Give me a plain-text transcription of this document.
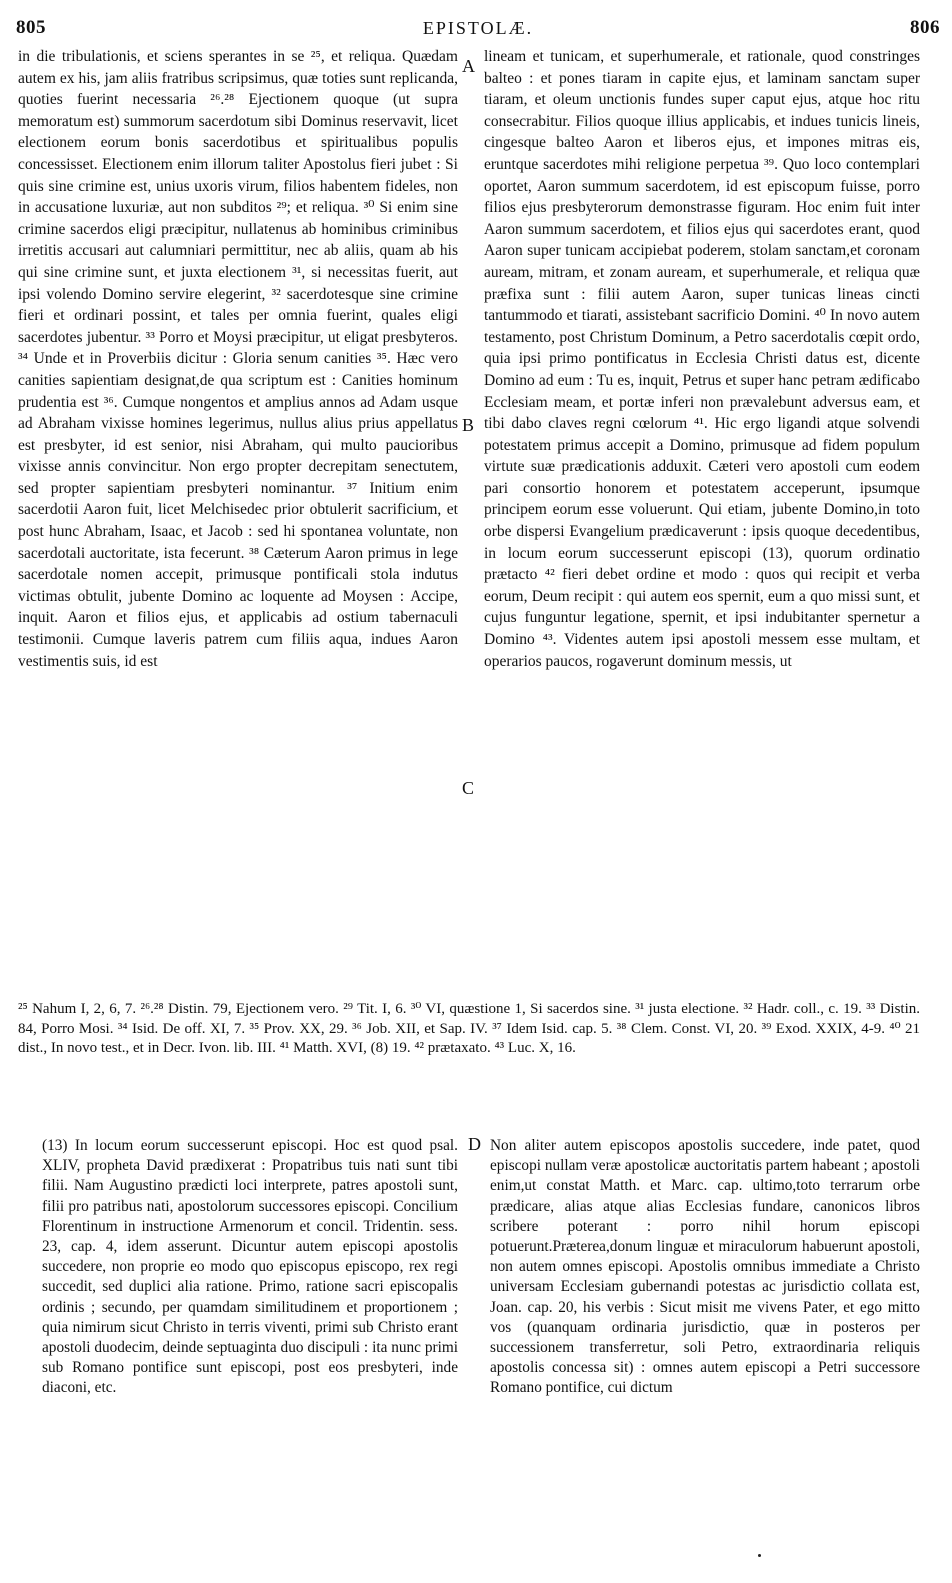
805	EPISTOLÆ.	806

in die tribulationis, et sciens sperantes in se ²⁵, et reliqua. Quædam autem ex his, jam aliis fratribus scripsimus, quæ toties sunt replicanda, quoties fuerint necessaria ²⁶.²⁸ Ejectionem quoque (ut supra memoratum est) summorum sacerdotum sibi Dominus reservavit, licet electionem eorum bonis sacerdotibus et spiritualibus populis concessisset. Electionem enim illorum taliter Apostolus fieri jubet : Si quis sine crimine est, unius uxoris virum, filios habentem fideles, non in accusatione luxuriæ, aut non subditos ²⁹; et reliqua. ³⁰ Si enim sine crimine sacerdos eligi præcipitur, nullatenus ab hominibus criminibus irretitis accusari aut calumniari permittitur, nec ab aliis, quam ab his qui sine crimine sunt, et juxta electionem ³¹, si necessitas fuerit, aut ipsi volendo Domino servire elegerint, ³² sacerdotesque sine crimine fieri et ordinari possint, et tales per omnia fuerint, quales eligi sacerdotes jubentur. ³³ Porro et Moysi præcipitur, ut eligat presbyteros. ³⁴ Unde et in Proverbiis dicitur : Gloria senum canities ³⁵. Hæc vero canities sapientiam designat,de qua scriptum est : Canities hominum prudentia est ³⁶. Cumque nongentos et amplius annos ad Adam usque ad Abraham vixisse homines legerimus, nullus alius prius appellatus est presbyter, id est senior, nisi Abraham, qui multo paucioribus vixisse annis convincitur. Non ergo propter decrepitam senectutem, sed propter sapientiam presbyteri nominantur. ³⁷ Initium enim sacerdotii Aaron fuit, licet Melchisedec prior obtulerit sacrificium, et post hunc Abraham, Isaac, et Jacob : sed hi spontanea voluntate, non sacerdotali auctoritate, ista fecerunt. ³⁸ Cæterum Aaron primus in lege sacerdotale nomen accepit, primusque pontificali stola indutus victimas obtulit, jubente Domino ac loquente ad Moysen : Accipe, inquit. Aaron et filios ejus, et applicabis ad ostium tabernaculi testimonii. Cumque laveris patrem cum filiis aqua, indues Aaron vestimentis suis, id est

A
B
C

lineam et tunicam, et superhumerale, et rationale, quod constringes balteo : et pones tiaram in capite ejus, et laminam sanctam super tiaram, et oleum unctionis fundes super caput ejus, atque hoc ritu consecrabitur. Filios quoque illius applicabis, et indues tunicis lineis, cingesque balteo Aaron et liberos ejus, et impones mitras eis, eruntque sacerdotes mihi religione perpetua ³⁹. Quo loco contemplari oportet, Aaron summum sacerdotem, id est episcopum fuisse, porro filios ejus presbyterorum demonstrasse figuram. Hoc enim fuit inter Aaron summum sacerdotem, et filios ejus qui sacerdotes erant, quod Aaron super tunicam accipiebat poderem, stolam sanctam,et coronam auream, mitram, et zonam auream, et superhumerale, et reliqua quæ præfixa sunt : filii autem Aaron, super tunicas lineas cincti tantummodo et tiarati, assistebant sacrificio Domini. ⁴⁰ In novo autem testamento, post Christum Dominum, a Petro sacerdotalis cœpit ordo, quia ipsi primo pontificatus in Ecclesia Christi datus est, dicente Domino ad eum : Tu es, inquit, Petrus et super hanc petram ædificabo Ecclesiam meam, et portæ inferi non prævalebunt adversus eam, et tibi dabo claves regni cœlorum ⁴¹. Hic ergo ligandi atque solvendi potestatem primus accepit a Domino, primusque ad fidem populum virtute suæ prædicationis adduxit. Cæteri vero apostoli cum eodem pari consortio honorem et potestatem acceperunt, ipsumque principem eorum esse voluerunt. Qui etiam, jubente Domino,in toto orbe dispersi Evangelium prædicaverunt : ipsis quoque decedentibus, in locum eorum successerunt episcopi (13), quorum ordinatio prætacto ⁴² fieri debet ordine et modo : quos qui recipit et verba eorum, Deum recipit : qui autem eos spernit, eum a quo missi sunt, et cujus funguntur legatione, spernit, et ipsi indubitanter spernetur a Domino ⁴³. Videntes autem ipsi apostoli messem esse multam, et operarios paucos, rogaverunt dominum messis, ut

²⁵ Nahum I, 2, 6, 7. ²⁶.²⁸ Distin. 79, Ejectionem vero. ²⁹ Tit. I, 6. ³⁰ VI, quæstione 1, Si sacerdos sine. ³¹ justa electione. ³² Hadr. coll., c. 19. ³³ Distin. 84, Porro Mosi. ³⁴ Isid. De off. XI, 7. ³⁵ Prov. XX, 29. ³⁶ Job. XII, et Sap. IV. ³⁷ Idem Isid. cap. 5. ³⁸ Clem. Const. VI, 20. ³⁹ Exod. XXIX, 4-9. ⁴⁰ 21 dist., In novo test., et in Decr. Ivon. lib. III. ⁴¹ Matth. XVI, (8) 19. ⁴² prætaxato. ⁴³ Luc. X, 16.

(13) In locum eorum successerunt episcopi. Hoc est quod psal. XLIV, propheta David prædixerat : Propatribus tuis nati sunt tibi filii. Nam Augustino prædicti loci interprete, patres apostoli sunt, filii pro patribus nati, apostolorum successores episcopi. Concilium Florentinum in instructione Armenorum et concil. Tridentin. sess. 23, cap. 4, idem asserunt. Dicuntur autem episcopi apostolis succedere, non proprie eo modo quo episcopus episcopo, rex regi succedit, sed duplici alia ratione. Primo, ratione sacri episcopalis ordinis ; secundo, per quamdam similitudinem et proportionem ; quia nimirum sicut Christo in terris viventi, primi sub Christo erant apostoli duodecim, deinde septuaginta duo discipuli : ita nunc primi sub Romano pontifice sunt episcopi, post eos presbyteri, inde diaconi, etc.

D Non aliter autem episcopos apostolis succedere, inde patet, quod episcopi nullam veræ apostolicæ auctoritatis partem habeant ; apostoli enim,ut constat Matth. et Marc. cap. ultimo,toto terrarum orbe prædicare, alias atque alias Ecclesias fundare, canonicos libros scribere poterant : porro nihil horum episcopi potuerunt.Præterea,donum linguæ et miraculorum habuerunt apostoli, non autem omnes episcopi. Apostolis omnibus immediate a Christo universam Ecclesiam gubernandi potestas ac jurisdictio collata est, Joan. cap. 20, his verbis : Sicut misit me vivens Pater, et ego mitto vos (quanquam ordinaria jurisdictio, quæ in posteros per successionem transferretur, soli Petro, extraordinaria reliquis apostolis concessa sit) : omnes autem episcopi a Petri successore Romano pontifice, cui dictum
